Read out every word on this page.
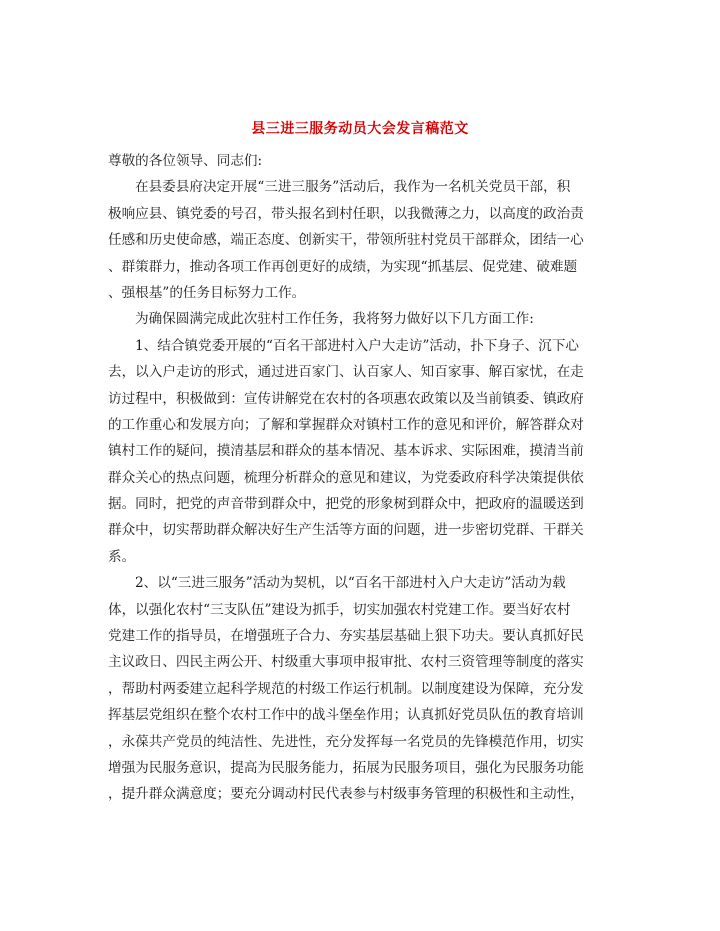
县三进三服务动员大会发言稿范文
尊敬的各位领导、同志们:
在县委县府决定开展“三进三服务”活动后，我作为一名机关党员干部，积
极响应县、镇党委的号召，带头报名到村任职，以我微薄之力，以高度的政治责
任感和历史使命感，端正态度、创新实干，带领所驻村党员干部群众，团结一心
、群策群力，推动各项工作再创更好的成绩，为实现“抓基层、促党建、破难题
、强根基”的任务目标努力工作。
为确保圆满完成此次驻村工作任务，我将努力做好以下几方面工作:
1、结合镇党委开展的“百名干部进村入户大走访”活动，扑下身子、沉下心
去，以入户走访的形式，通过进百家门、认百家人、知百家事、解百家忧，在走
访过程中，积极做到：宣传讲解党在农村的各项惠农政策以及当前镇委、镇政府
的工作重心和发展方向；了解和掌握群众对镇村工作的意见和评价，解答群众对
镇村工作的疑问，摸清基层和群众的基本情况、基本诉求、实际困难，摸清当前
群众关心的热点问题，梳理分析群众的意见和建议，为党委政府科学决策提供依
据。同时，把党的声音带到群众中，把党的形象树到群众中，把政府的温暖送到
群众中，切实帮助群众解决好生产生活等方面的问题，进一步密切党群、干群关
系。
2、以“三进三服务”活动为契机，以“百名干部进村入户大走访”活动为载
体，以强化农村“三支队伍”建设为抓手，切实加强农村党建工作。要当好农村
党建工作的指导员，在增强班子合力、夯实基层基础上狠下功夫。要认真抓好民
主议政日、四民主两公开、村级重大事项申报审批、农村三资管理等制度的落实
，帮助村两委建立起科学规范的村级工作运行机制。以制度建设为保障，充分发
挥基层党组织在整个农村工作中的战斗堡垒作用；认真抓好党员队伍的教育培训
，永葆共产党员的纯洁性、先进性，充分发挥每一名党员的先锋模范作用，切实
增强为民服务意识，提高为民服务能力，拓展为民服务项目，强化为民服务功能
，提升群众满意度；要充分调动村民代表参与村级事务管理的积极性和主动性，
